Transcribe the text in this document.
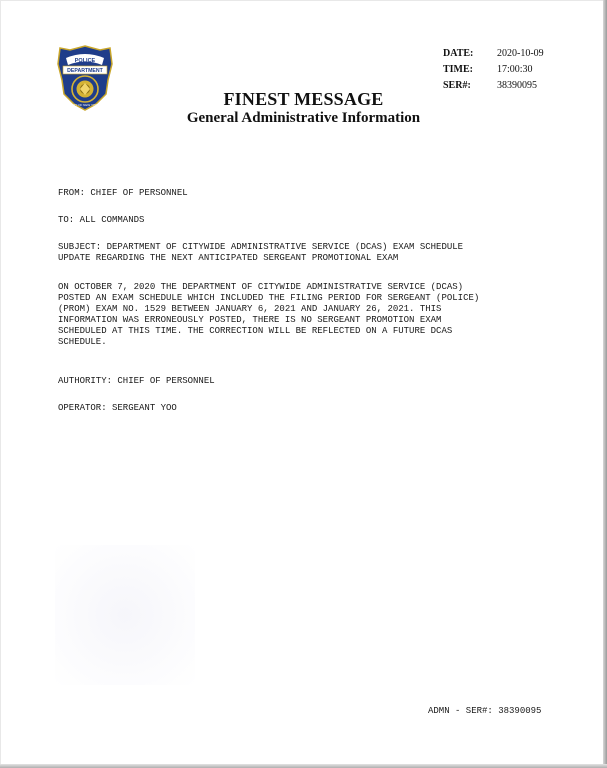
POLICE
DEPARTMENT
CITY OF NEW YORK
DATE:	2020-10-09
TIME:	17:00:30
SER#:	38390095
FINEST MESSAGE
General Administrative Information
FROM: CHIEF OF PERSONNEL
TO: ALL COMMANDS
SUBJECT: DEPARTMENT OF CITYWIDE ADMINISTRATIVE SERVICE (DCAS) EXAM SCHEDULE
UPDATE REGARDING THE NEXT ANTICIPATED SERGEANT PROMOTIONAL EXAM
ON OCTOBER 7, 2020 THE DEPARTMENT OF CITYWIDE ADMINISTRATIVE SERVICE (DCAS)
POSTED AN EXAM SCHEDULE WHICH INCLUDED THE FILING PERIOD FOR SERGEANT (POLICE)
(PROM) EXAM NO. 1529 BETWEEN JANUARY 6, 2021 AND JANUARY 26, 2021. THIS
INFORMATION WAS ERRONEOUSLY POSTED, THERE IS NO SERGEANT PROMOTION EXAM
SCHEDULED AT THIS TIME. THE CORRECTION WILL BE REFLECTED ON A FUTURE DCAS
SCHEDULE.
AUTHORITY: CHIEF OF PERSONNEL
OPERATOR: SERGEANT YOO
ADMN - SER#: 38390095
